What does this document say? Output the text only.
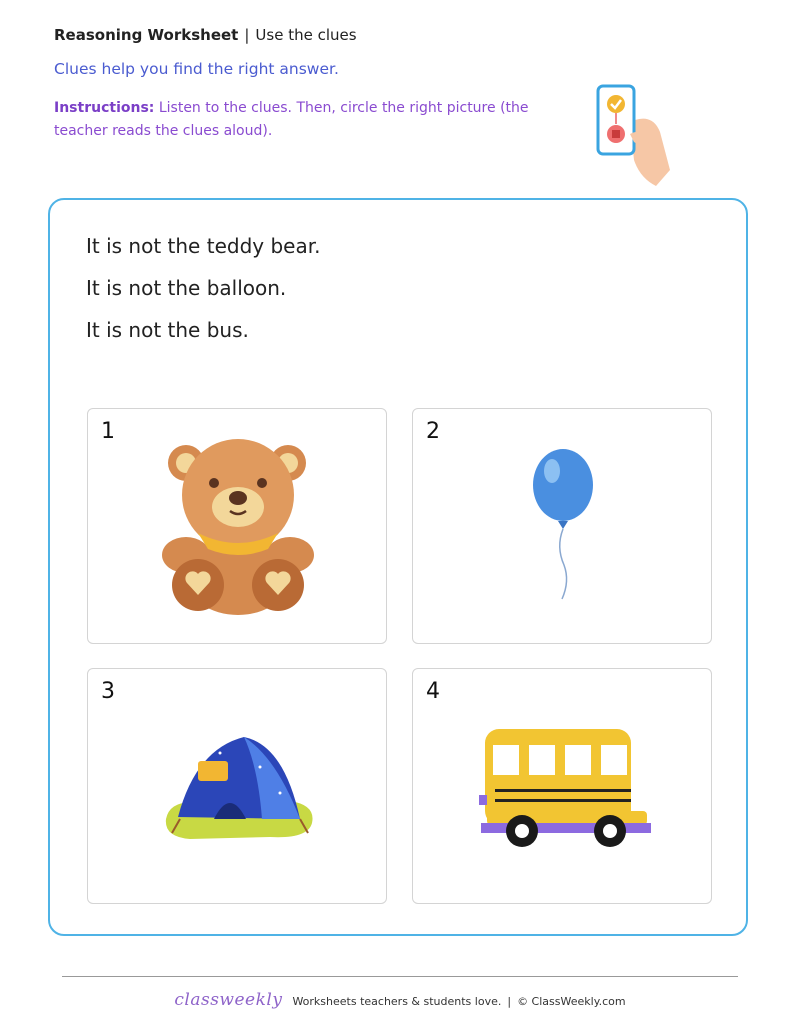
Reasoning Worksheet | Use the clues
Clues help you find the right answer.
Instructions: Listen to the clues. Then, circle the right picture (the teacher reads the clues aloud).
It is not the teddy bear.
It is not the balloon.
It is not the bus.
1	2
3	4
classweekly Worksheets teachers & students love. | © ClassWeekly.com
